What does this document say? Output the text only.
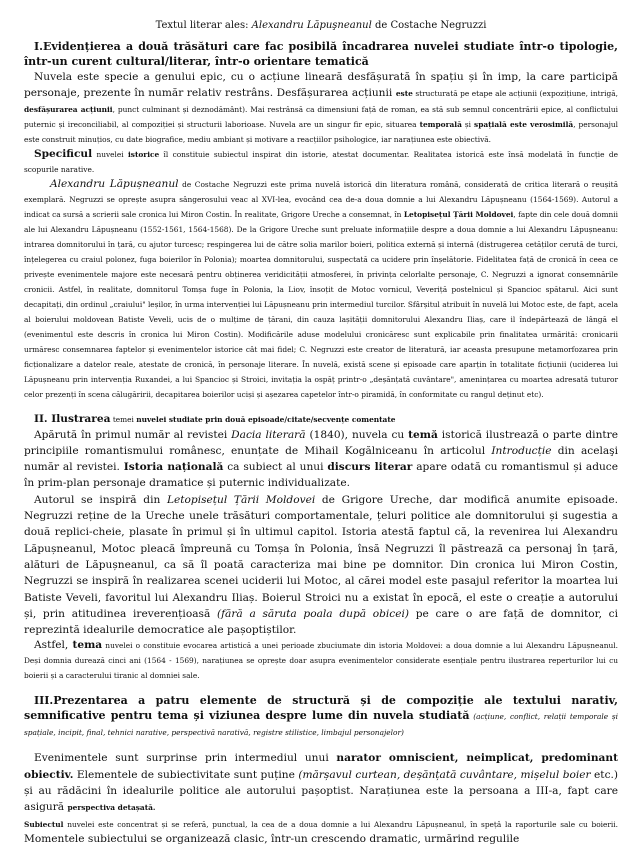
Textul literar ales: Alexandru Lăpuşneanul de Costache Negruzzi

I.Evidențierea a două trăsături care fac posibilă încadrarea nuvelei studiate într-o tipologie, într-un curent cultural/literar, într-o orientare tematică

Nuvela este specie a genului epic, cu o acțiune lineară desfășurată în spațiu și în imp, la care participă personaje, prezente în număr relativ restrâns. Desfășurarea acțiunii este structurată pe etape ale acțiunii (expozițiune, intrigă, desfășurarea acțiunii, punct culminant și deznodământ). Mai restrânsă ca dimensiuni față de roman, ea stă sub semnul concentrării epice, al conflictului puternic și ireconciliabil, al compoziției și structurii laborioase. Nuvela are un singur fir epic, situarea temporală și spațială este verosimilă, personajul este construit minuțios, cu date biografice, mediu ambiant și motivare a reacțiilor psihologice, iar narațiunea este obiectivă.

Specificul nuvelei istorice îl constituie subiectul inspirat din istorie, atestat documentar. Realitatea istorică este însă modelată în funcție de scopurile narative.

Alexandru Lăpușneanul de Costache Negruzzi este prima nuvelă istorică din literatura română, considerată de critica literară o reușită exemplară. Negruzzi se oprește asupra sângerosului veac al XVI-lea, evocând cea de-a doua domnie a lui Alexandru Lăpușneanu (1564-1569). Autorul a indicat ca sursă a scrierii sale cronica lui Miron Costin. În realitate, Grigore Ureche a consemnat, în Letopisețul Țării Moldovei, fapte din cele două domnii ale lui Alexandru Lăpușneanu (1552-1561, 1564-1568). De la Grigore Ureche sunt preluate informațiile despre a doua domnie a lui Alexandru Lăpușneanu: intrarea domnitorului în țară, cu ajutor turcesc; respingerea lui de către solia marilor boieri, politica externă și internă (distrugerea cetăților cerută de turci, înțelegerea cu craiul polonez, fuga boierilor în Polonia); moartea domnitorului, suspectată ca ucidere prin înșelătorie. Fidelitatea față de cronică în ceea ce privește evenimentele majore este necesară pentru obținerea veridicității atmosferei, în privința celorlalte personaje, C. Negruzzi a ignorat consemnările cronicii. Astfel, în realitate, domnitorul Tomșa fuge în Polonia, la Liov, însoțit de Motoc vornicul, Veveriță postelnicul și Spancioc spătarul. Aici sunt decapitați, din ordinul „craiului" leșilor, în urma intervenției lui Lăpușneanu prin intermediul turcilor. Sfârșitul atribuit în nuvelă lui Motoc este, de fapt, acela al boierului moldovean Batiste Veveli, ucis de o mulțime de țărani, din cauza lașității domnitorului Alexandru Iliaș, care il îndepărtează de lângă el (evenimentul este descris în cronica lui Miron Costin). Modificările aduse modelului cronicăresc sunt explicabile prin finalitatea urmărită: cronicarii urmăresc consemnarea faptelor și evenimentelor istorice cât mai fidel; C. Negruzzi este creator de literatură, iar aceasta presupune metamorfozarea prin ficționalizare a datelor reale, atestate de cronică, în personaje literare. În nuvelă, există scene și episoade care aparțin în totalitate ficțiunii (uciderea lui Lăpușneanu prin intervenția Ruxandei, a lui Spancioc și Stroici, invitația la ospăț printr-o „deșănțată cuvântare", amenințarea cu moartea adresată tuturor celor prezenți în scena călugăririi, decapitarea boierilor uciși și așezarea capetelor într-o piramidă, în conformitate cu rangul deținut etc).

II. Ilustrarea temei nuvelei studiate prin două episoade/citate/secvențe comentate

Apărută în primul număr al revistei Dacia literară (1840), nuvela cu temă istorică ilustrează o parte dintre principiile romantismului românesc, enunțate de Mihail Kogălniceanu în articolul Introducție din acelaşi număr al revistei. Istoria națională ca subiect al unui discurs literar apare odată cu romantismul și aduce în prim-plan personaje dramatice și puternic individualizate.

Autorul se inspiră din Letopisețul Țării Moldovei de Grigore Ureche, dar modifică anumite episoade. Negruzzi reține de la Ureche unele trăsături comportamentale, țeluri politice ale domnitorului și sugestia a două replici-cheie, plasate în primul și în ultimul capitol. Istoria atestă faptul că, la revenirea lui Alexandru Lăpușneanul, Motoc pleacă împreună cu Tomșa în Polonia, însă Negruzzi îl păstrează ca personaj în țară, alături de Lăpușneanul, ca să îl poată caracteriza mai bine pe domnitor. Din cronica lui Miron Costin, Negruzzi se inspiră în realizarea scenei uciderii lui Motoc, al cărei model este pasajul referitor la moartea lui Batiste Veveli, favoritul lui Alexandru Iliaș. Boierul Stroici nu a existat în epocă, el este o creație a autorului și, prin atitudinea ireverențioasă (fără a săruta poala după obicei) pe care o are față de domnitor, ci reprezintă idealurile democratice ale pașoptiștilor.

Astfel, tema nuvelei o constituie evocarea artistică a unei perioade zbuciumate din istoria Moldovei: a doua domnie a lui Alexandru Lăpușneanul. Deși domnia durează cinci ani (1564 - 1569), narațiunea se oprește doar asupra evenimentelor considerate esențiale pentru ilustrarea reperturilor lui cu boierii și a caracterului tiranic al domniei sale.

III.Prezentarea a patru elemente de structură și de compoziție ale textului narativ, semnificative pentru tema și viziunea despre lume din nuvela studiată (acțiune, conflict, relații temporale și spațiale, incipit, final, tehnici narative, perspectivă narativă, registre stilistice, limbajul personajelor)

Evenimentele sunt surprinse prin intermediul unui narator omniscient, neimplicat, predominant obiectiv. Elementele de subiectivitate sunt puține (mărșavul curtean, deșănțată cuvântare, mișelul boier etc.) și au rădăcini în idealurile politice ale autorului pașoptist. Narațiunea este la persoana a III-a, fapt care asigură perspectiva detașată.

Subiectul nuvelei este concentrat și se referă, punctual, la cea de a doua domnie a lui Alexandru Lăpușneanul, în spețâ la raporturile sale cu boierii. Momentele subiectului se organizează clasic, într-un crescendo dramatic, urmărind regulile
